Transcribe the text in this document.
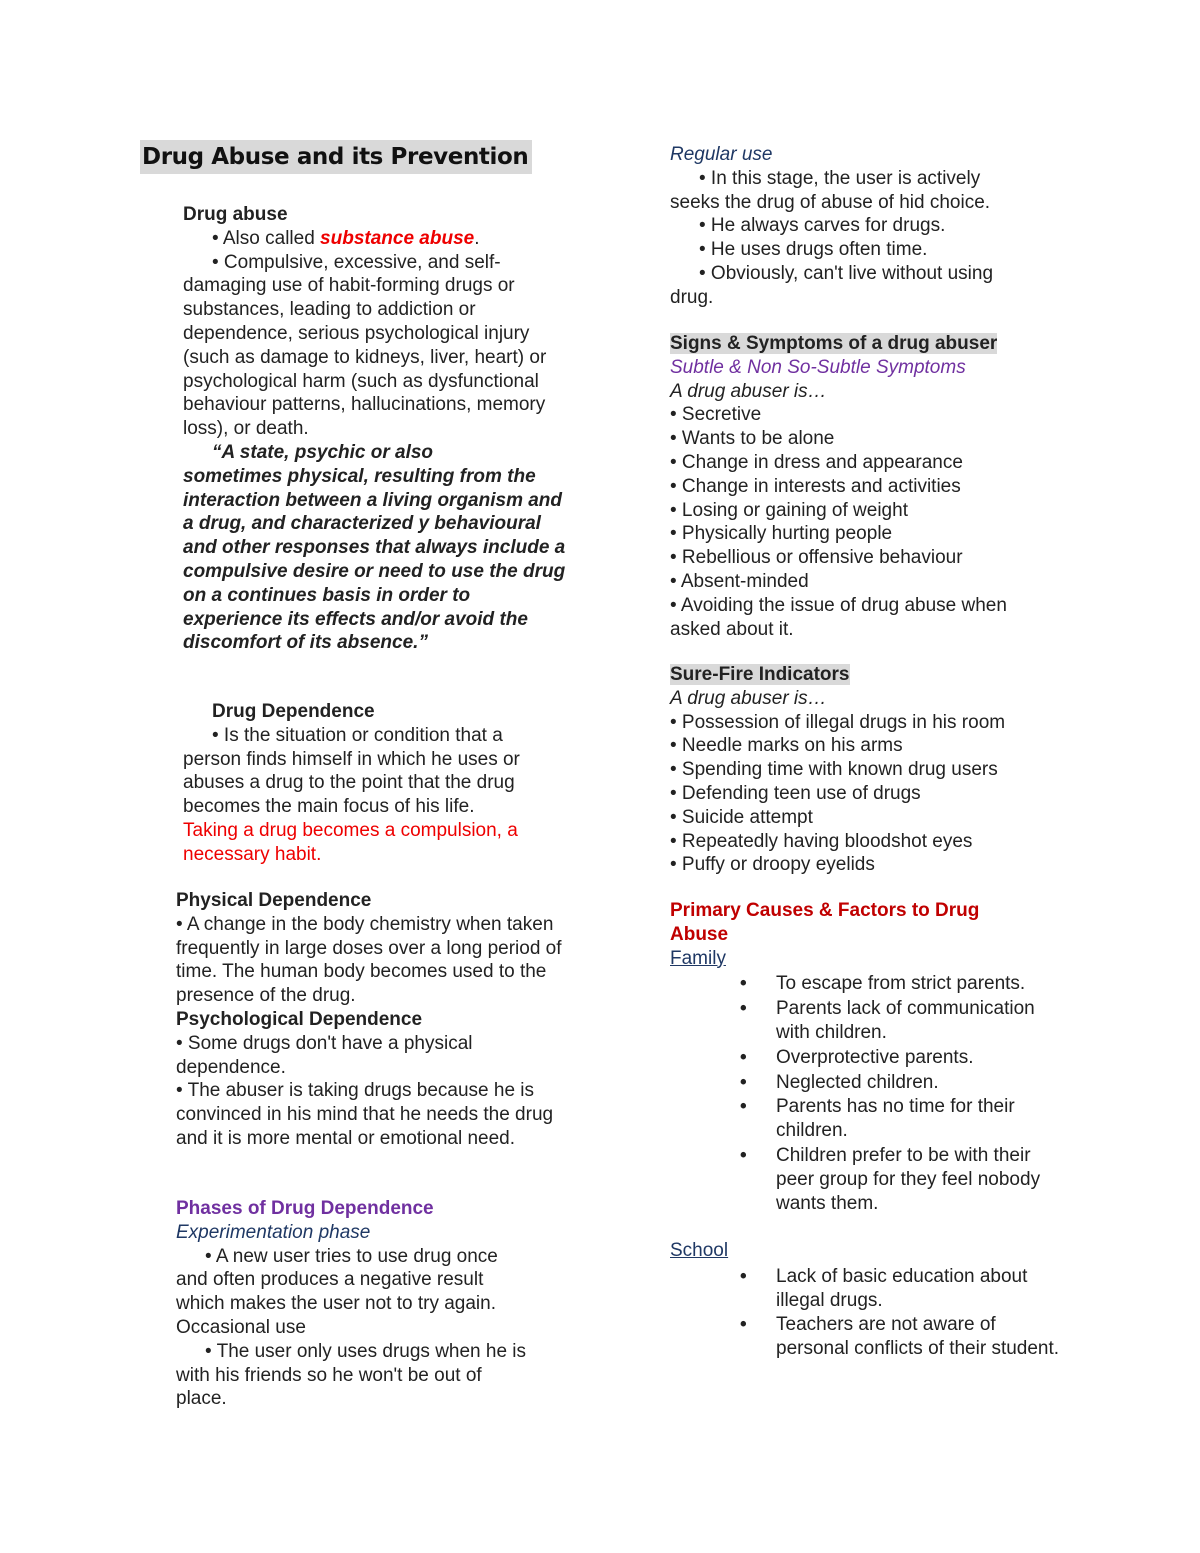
Drug Abuse and its Prevention

Drug abuse

• Also called substance abuse.

• Compulsive, excessive, and self-

damaging use of habit-forming drugs or substances, leading to addiction or dependence, serious psychological injury (such as damage to kidneys, liver, heart) or psychological harm (such as dysfunctional behaviour patterns, hallucinations, memory loss), or death.

“A state, psychic or also

sometimes physical, resulting from the interaction between a living organism and a drug, and characterized y behavioural and other responses that always include a compulsive desire or need to use the drug on a continues basis in order to experience its effects and/or avoid the discomfort of its absence.”

Drug Dependence

• Is the situation or condition that a

person finds himself in which he uses or abuses a drug to the point that the drug becomes the main focus of his life.

Taking a drug becomes a compulsion, a necessary habit.

Physical Dependence

• A change in the body chemistry when taken frequently in large doses over a long period of time. The human body becomes used to the presence of the drug.

Psychological Dependence

• Some drugs don't have a physical dependence.

• The abuser is taking drugs because he is convinced in his mind that he needs the drug and it is more mental or emotional need.

Phases of Drug Dependence

Experimentation phase

• A new user tries to use drug once

and often produces a negative result which makes the user not to try again.

Occasional use

• The user only uses drugs when he is

with his friends so he won't be out of place.

Regular use

• In this stage, the user is actively

seeks the drug of abuse of hid choice.

• He always carves for drugs.

• He uses drugs often time.

• Obviously, can't live without using

drug.

Signs & Symptoms of a drug abuser

Subtle & Non So-Subtle Symptoms

A drug abuser is…

• Secretive

• Wants to be alone

• Change in dress and appearance

• Change in interests and activities

• Losing or gaining of weight

• Physically hurting people

• Rebellious or offensive behaviour

• Absent-minded

• Avoiding the issue of drug abuse when asked about it.

Sure-Fire Indicators

A drug abuser is…

• Possession of illegal drugs in his room

• Needle marks on his arms

• Spending time with known drug users

• Defending teen use of drugs

• Suicide attempt

• Repeatedly having bloodshot eyes

• Puffy or droopy eyelids

Primary Causes & Factors to Drug

Abuse

Family

• To escape from strict parents.
• Parents lack of communication with children.
• Overprotective parents.
• Neglected children.
• Parents has no time for their children.
• Children prefer to be with their peer group for they feel nobody wants them.

School

• Lack of basic education about illegal drugs.
• Teachers are not aware of personal conflicts of their student.
